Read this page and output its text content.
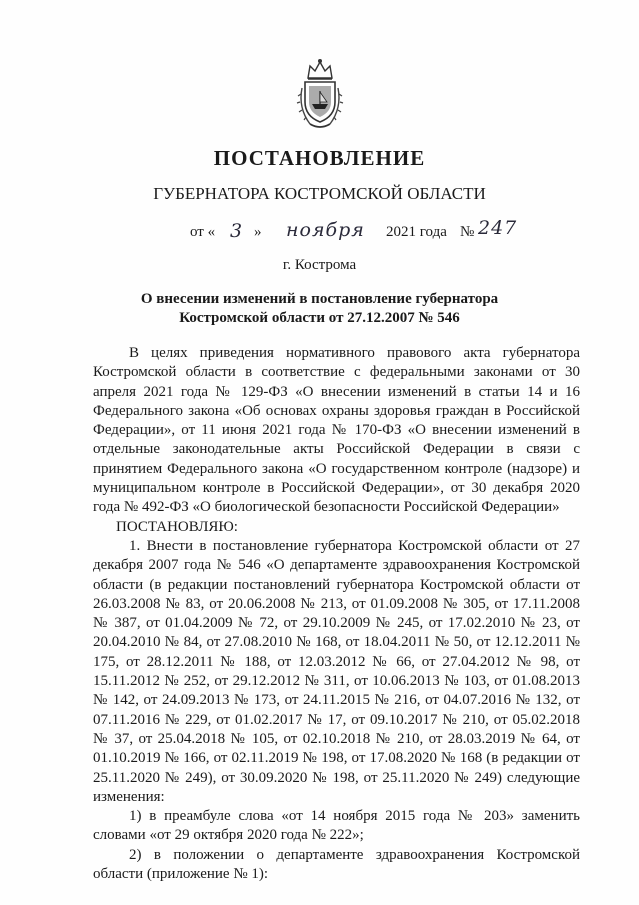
ПОСТАНОВЛЕНИЕ
ГУБЕРНАТОРА КОСТРОМСКОЙ ОБЛАСТИ
от « 3 » ноября 2021 года № 247
г. Кострома
О внесении изменений в постановление губернатора
Костромской области от 27.12.2007 № 546

В целях приведения нормативного правового акта губернатора Костромской области в соответствие с федеральными законами от 30 апреля 2021 года № 129-ФЗ «О внесении изменений в статьи 14 и 16 Федерального закона «Об основах охраны здоровья граждан в Российской Федерации», от 11 июня 2021 года № 170-ФЗ «О внесении изменений в отдельные законодательные акты Российской Федерации в связи с принятием Федерального закона «О государственном контроле (надзоре) и муниципальном контроле в Российской Федерации», от 30 декабря 2020 года № 492-ФЗ «О биологической безопасности Российской Федерации»

ПОСТАНОВЛЯЮ:

1. Внести в постановление губернатора Костромской области от 27 декабря 2007 года № 546 «О департаменте здравоохранения Костромской области (в редакции постановлений губернатора Костромской области от 26.03.2008 № 83, от 20.06.2008 № 213, от 01.09.2008 № 305, от 17.11.2008 № 387, от 01.04.2009 № 72, от 29.10.2009 № 245, от 17.02.2010 № 23, от 20.04.2010 № 84, от 27.08.2010 № 168, от 18.04.2011 № 50, от 12.12.2011 № 175, от 28.12.2011 № 188, от 12.03.2012 № 66, от 27.04.2012 № 98, от 15.11.2012 № 252, от 29.12.2012 № 311, от 10.06.2013 № 103, от 01.08.2013 № 142, от 24.09.2013 № 173, от 24.11.2015 № 216, от 04.07.2016 № 132, от 07.11.2016 № 229, от 01.02.2017 № 17, от 09.10.2017 № 210, от 05.02.2018 № 37, от 25.04.2018 № 105, от 02.10.2018 № 210, от 28.03.2019 № 64, от 01.10.2019 № 166, от 02.11.2019 № 198, от 17.08.2020 № 168 (в редакции от 25.11.2020 № 249), от 30.09.2020 № 198, от 25.11.2020 № 249) следующие изменения:

1) в преамбуле слова «от 14 ноября 2015 года № 203» заменить словами «от 29 октября 2020 года № 222»;

2) в положении о департаменте здравоохранения Костромской области (приложение № 1):
